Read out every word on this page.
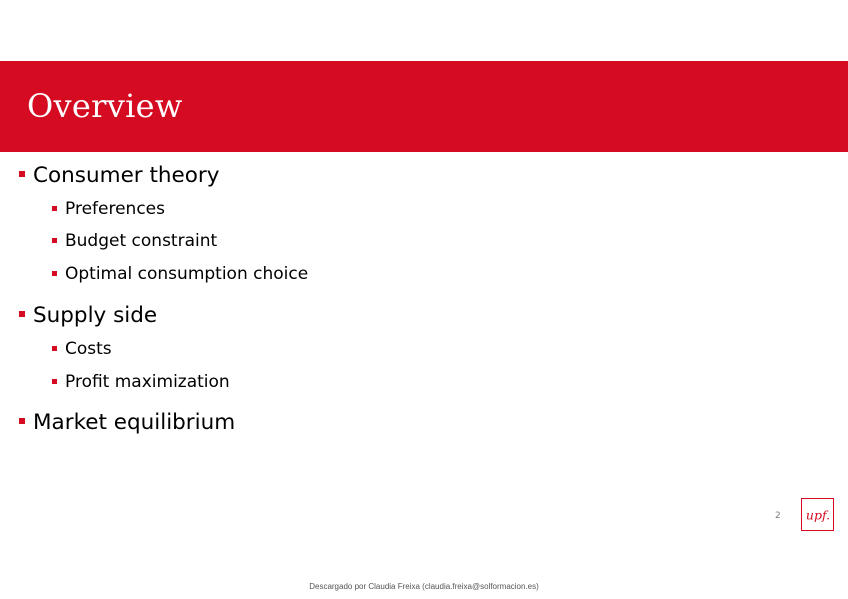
Overview
Consumer theory
Preferences
Budget constraint
Optimal consumption choice
Supply side
Costs
Profit maximization
Market equilibrium
2 upf.
Descargado por Claudia Freixa (claudia.freixa@solformacion.es)
